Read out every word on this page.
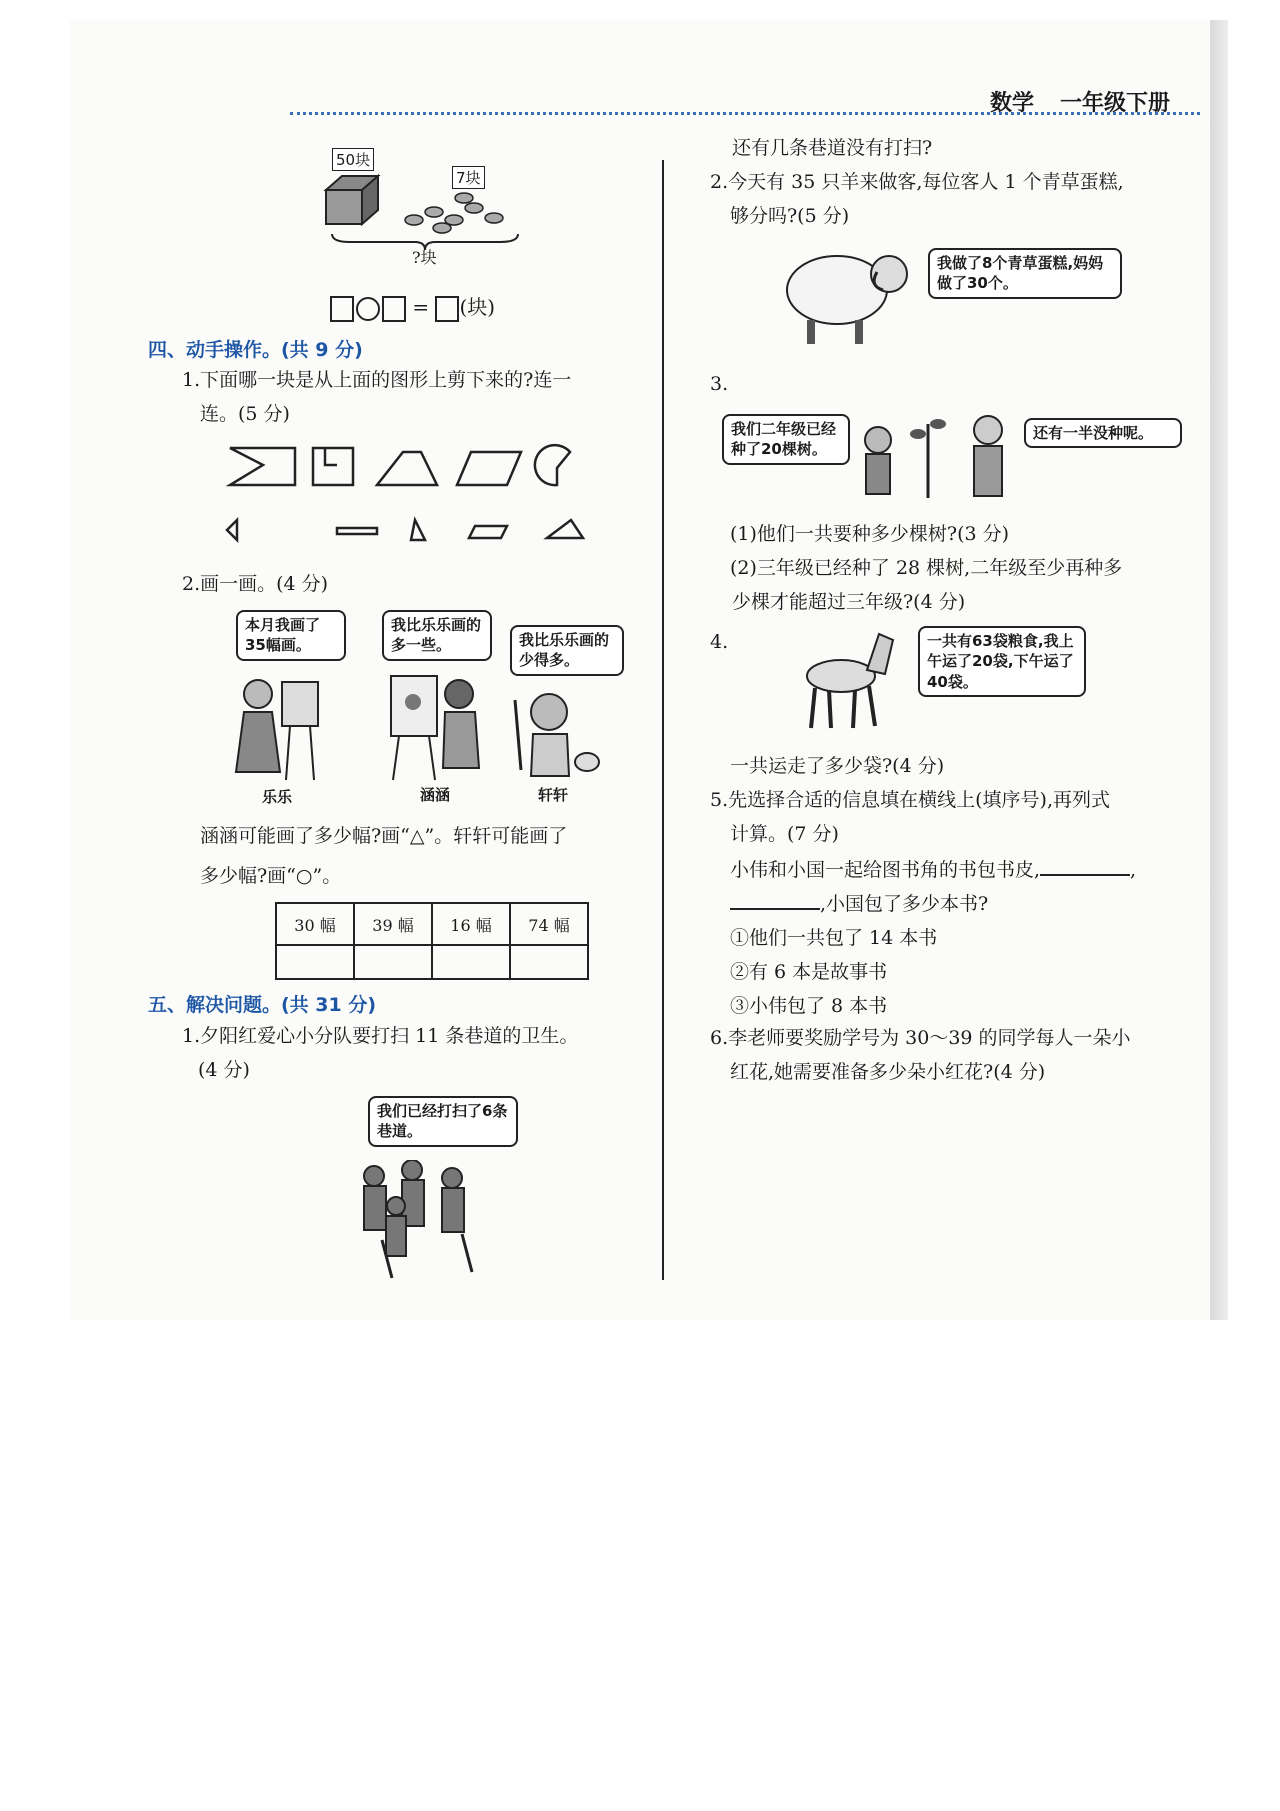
数学 一年级下册
50块
7块
?块
= (块)
四、动手操作。(共 9 分)
1.下面哪一块是从上面的图形上剪下来的?连一
连。(5 分)
2.画一画。(4 分)
本月我画了35幅画。
我比乐乐画的多一些。	我比乐乐画的少得多。
乐乐	涵涵	轩轩
涵涵可能画了多少幅?画“△”。轩轩可能画了
多少幅?画“○”。
30 幅	39 幅	16 幅	74 幅

五、解决问题。(共 31 分)
1.夕阳红爱心小分队要打扫 11 条巷道的卫生。
(4 分)
我们已经打扫了6条巷道。
还有几条巷道没有打扫?
2.今天有 35 只羊来做客,每位客人 1 个青草蛋糕,
够分吗?(5 分)
我做了8个青草蛋糕,妈妈做了30个。
3.
我们二年级已经种了20棵树。
还有一半没种呢。
(1)他们一共要种多少棵树?(3 分)
(2)三年级已经种了 28 棵树,二年级至少再种多
少棵才能超过三年级?(4 分)
4.	一共有63袋粮食,我上午运了20袋,下午运了40袋。
一共运走了多少袋?(4 分)
5.先选择合适的信息填在横线上(填序号),再列式
计算。(7 分)
小伟和小国一起给图书角的书包书皮,	,
,小国包了多少本书?
①他们一共包了 14 本书
②有 6 本是故事书
③小伟包了 8 本书
6.李老师要奖励学号为 30～39 的同学每人一朵小
红花,她需要准备多少朵小红花?(4 分)
